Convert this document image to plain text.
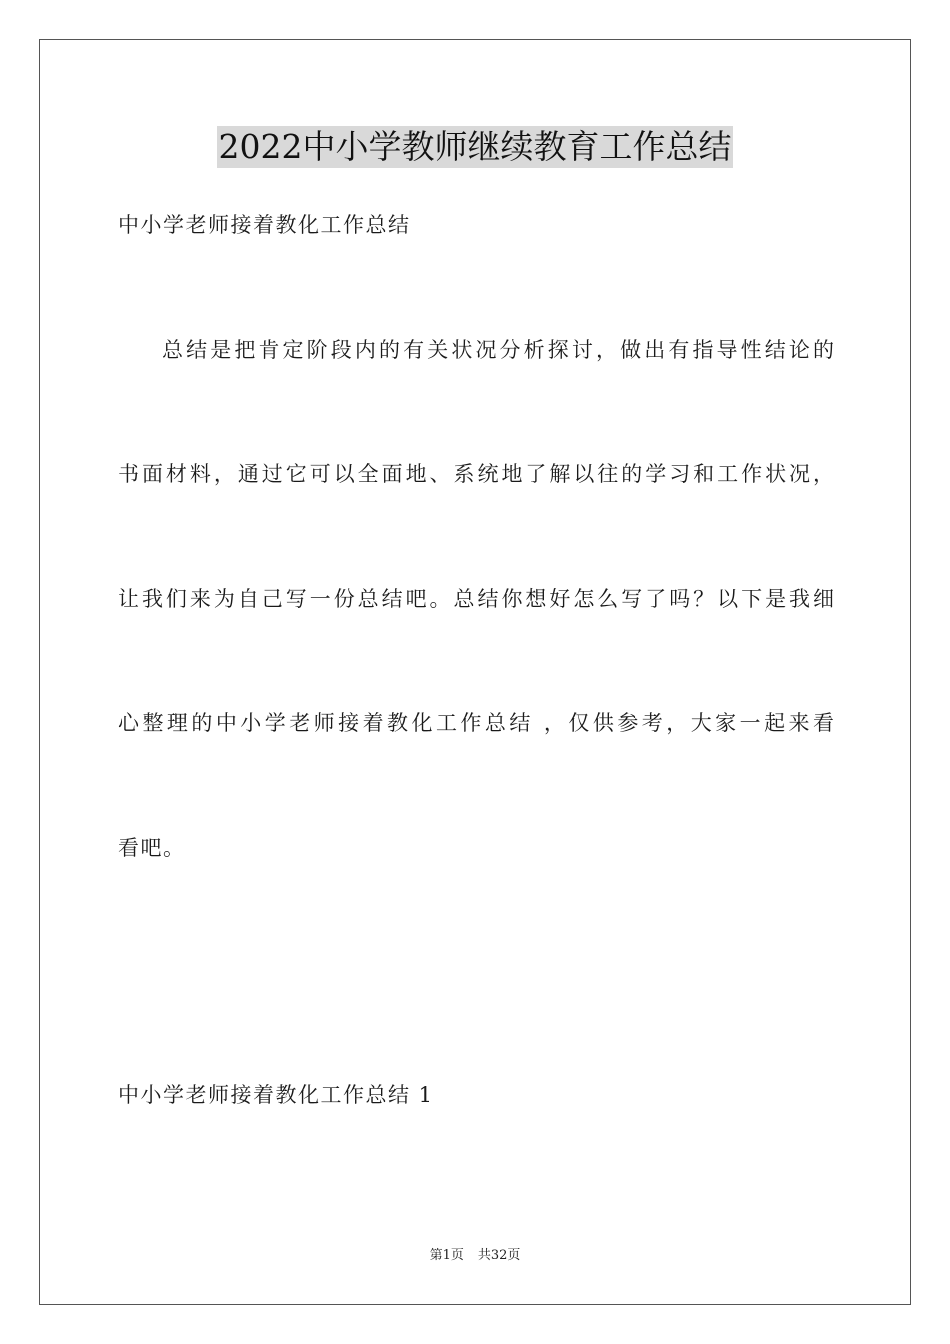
2022中小学教师继续教育工作总结
中小学老师接着教化工作总结
总结是把肯定阶段内的有关状况分析探讨，做出有指导性结论的
书面材料，通过它可以全面地、系统地了解以往的学习和工作状况，
让我们来为自己写一份总结吧。总结你想好怎么写了吗？以下是我细
心整理的中小学老师接着教化工作总结 ，仅供参考，大家一起来看
看吧。
中小学老师接着教化工作总结 1
第1页 共32页
